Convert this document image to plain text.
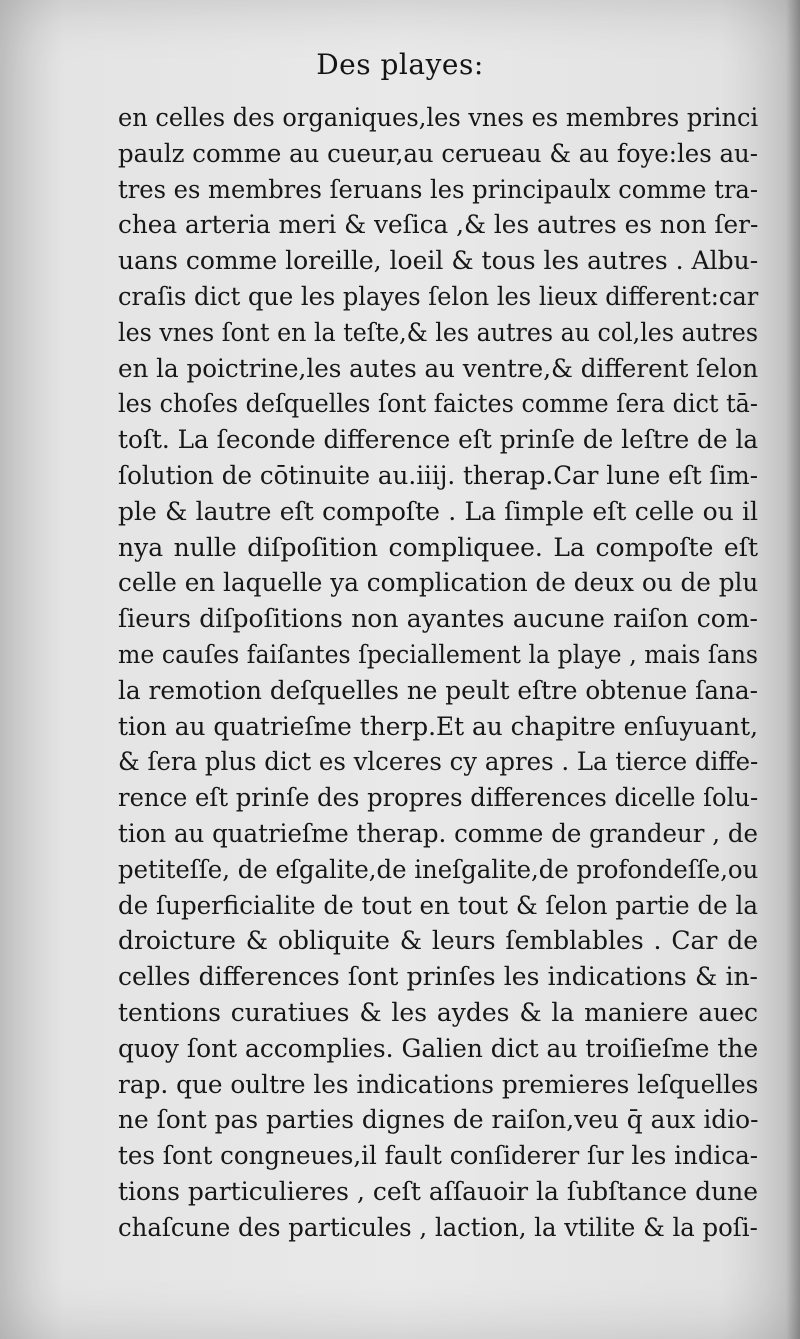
Des playes:
en celles des organiques,les vnes es membres princi
paulz comme au cueur,au cerueau & au foye:les au-
tres es membres ſeruans les principaulx comme tra-
chea arteria meri & veſica ,& les autres es non ſer-
uans comme loreille, loeil & tous les autres . Albu-
craſis dict que les playes ſelon les lieux different:car
les vnes ſont en la teſte,& les autres au col,les autres
en la poictrine,les autes au ventre,& different ſelon
les choſes deſquelles ſont faictes comme ſera dict tā-
toſt. La ſeconde difference eſt prinſe de leſtre de la
ſolution de cōtinuite au.iiij. therap.Car lune eſt ſim-
ple & lautre eſt compoſte . La ſimple eſt celle ou il
nya nulle diſpoſition compliquee. La compoſte eſt
celle en laquelle ya complication de deux ou de plu
ſieurs diſpoſitions non ayantes aucune raiſon com-
me cauſes faiſantes ſpeciallement la playe , mais ſans
la remotion deſquelles ne peult eſtre obtenue ſana-
tion au quatrieſme therp.Et au chapitre enſuyuant,
& ſera plus dict es vlceres cy apres . La tierce diffe-
rence eſt prinſe des propres differences dicelle ſolu-
tion au quatrieſme therap. comme de grandeur , de
petiteſſe, de eſgalite,de ineſgalite,de profondeſſe,ou
de ſuperficialite de tout en tout & ſelon partie de la
droicture & obliquite & leurs ſemblables . Car de
celles differences ſont prinſes les indications & in-
tentions curatiues & les aydes & la maniere auec
quoy ſont accomplies. Galien dict au troiſieſme the
rap. que oultre les indications premieres leſquelles
ne ſont pas parties dignes de raiſon,veu q̄ aux idio-
tes ſont congneues,il fault conſiderer ſur les indica-
tions particulieres , ceſt aſſauoir la ſubſtance dune
chaſcune des particules , laction, la vtilite & la poſi-
